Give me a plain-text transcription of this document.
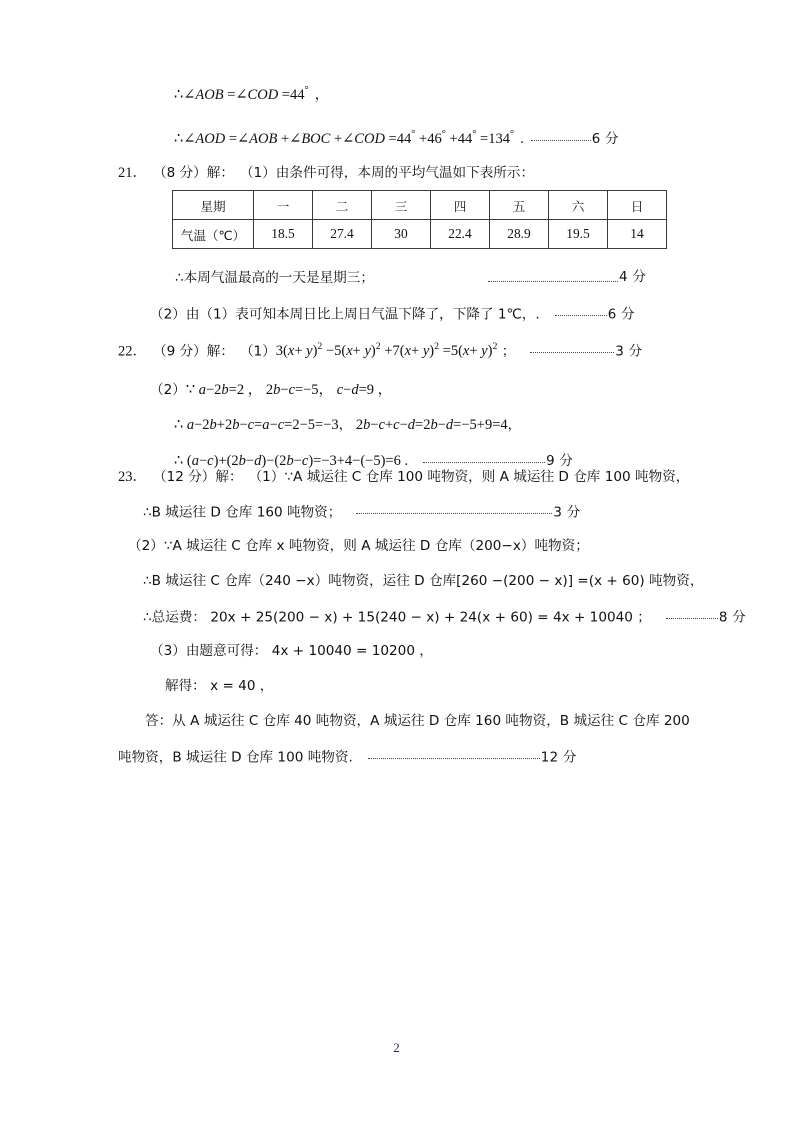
∴∠AOB =∠COD =44° ，
∴∠AOD =∠AOB +∠BOC +∠COD =44° +46° +44° =134° .	6 分
21． （8 分）解： （1）由条件可得，本周的平均气温如下表所示：
星期	一	二	三	四	五	六	日
气温（℃）	18.5	27.4	30	22.4	28.9	19.5	14
∴本周气温最高的一天是星期三；	4 分
（2）由（1）表可知本周日比上周日气温下降了，下降了 1℃，.	6 分
22． （9 分）解： $(1)3(x+ y)^2 -5(x+ y)^2 +7(x+ y)^2 =5(x+ y)^2$ ；	3 分
（2）∵ a−2b=2 ， 2b−c=−5， c−d=9 ，
∴ a−2b+2b−c=a−c=2−5=−3， 2b−c+c−d=2b−d=−5+9=4，
∴ (a−c)+(2b−d)−(2b−c)=−3+4−(−5)=6 .	9 分
23． （12 分）解： （1）∵A 城运往 C 仓库 100 吨物资，则 A 城运往 D 仓库 100 吨物资，
∴B 城运往 D 仓库 160 吨物资；	3 分
（2）∵A 城运往 C 仓库 x 吨物资，则 A 城运往 D 仓库（200−x）吨物资；
∴B 城运往 C 仓库（240 −x）吨物资，运往 D 仓库[260 −(200 − x)] =(x + 60) 吨物资，
∴总运费： 20x + 25(200 − x) + 15(240 − x) + 24(x + 60) = 4x + 10040 ；	8 分
（3）由题意可得： 4x + 10040 = 10200 ，
解得： x = 40 ，
答：从 A 城运往 C 仓库 40 吨物资，A 城运往 D 仓库 160 吨物资，B 城运往 C 仓库 200
吨物资，B 城运往 D 仓库 100 吨物资.	12 分
2
